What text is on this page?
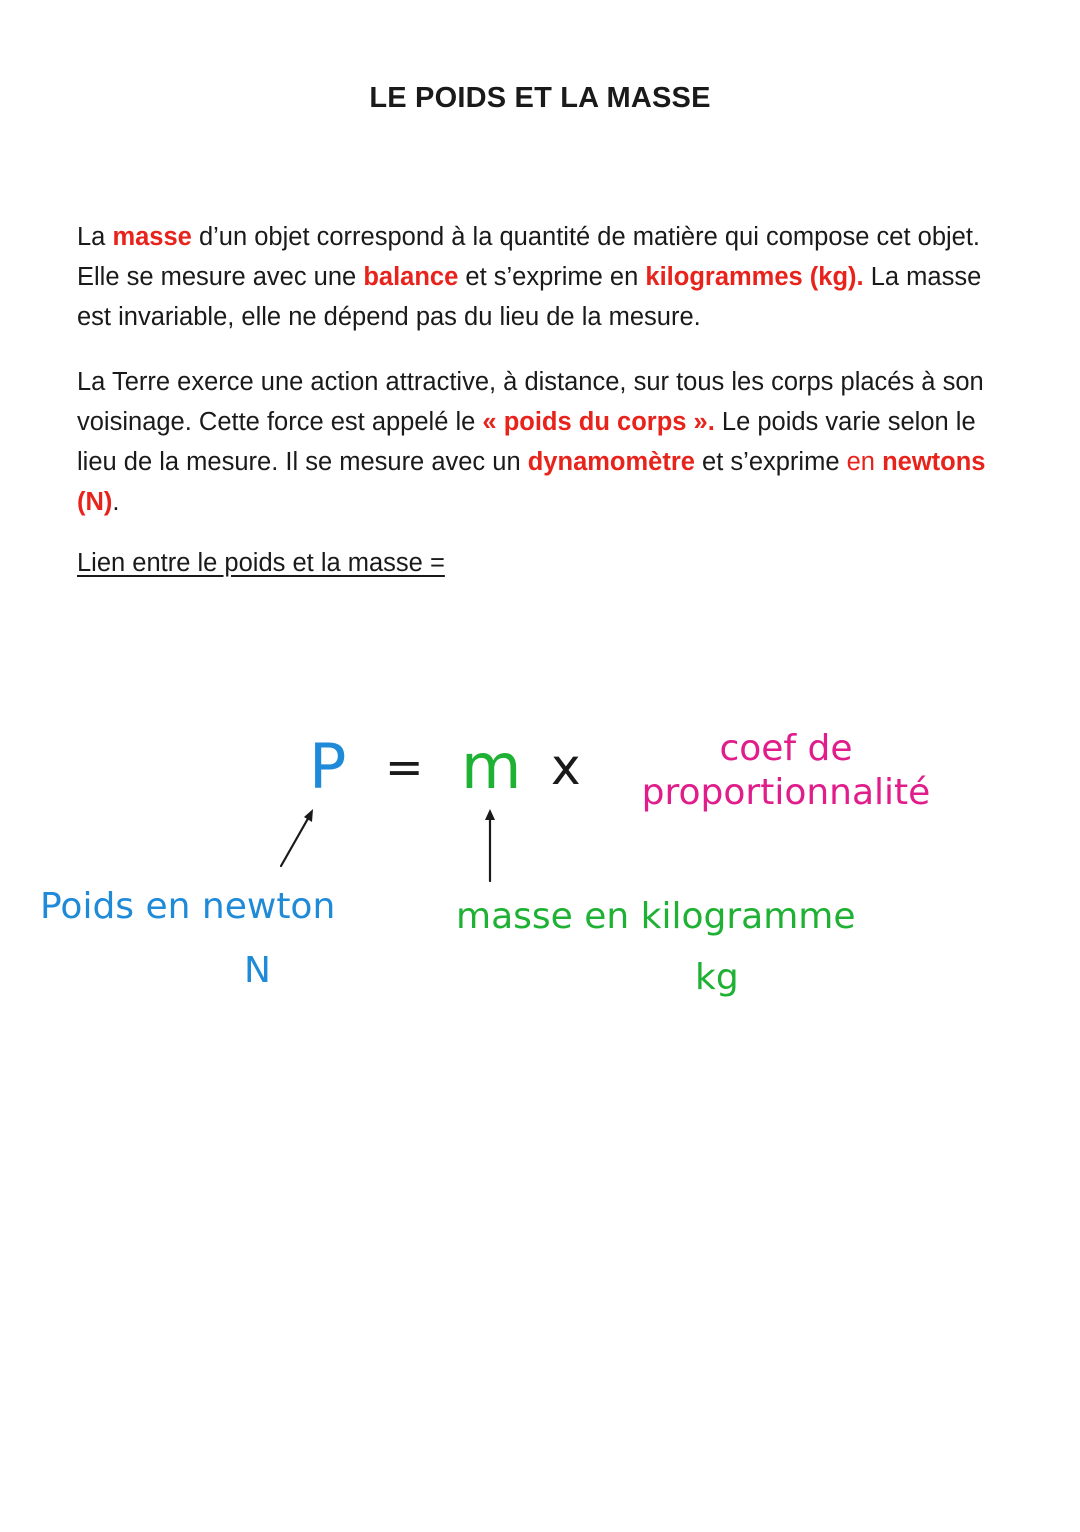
LE POIDS ET LA MASSE

La masse d’un objet correspond à la quantité de matière qui compose cet objet. Elle se mesure avec une balance et s’exprime en kilogrammes (kg). La masse est invariable, elle ne dépend pas du lieu de la mesure.

La Terre exerce une action attractive, à distance, sur tous les corps placés à son voisinage. Cette force est appelé le « poids du corps ». Le poids varie selon le lieu de la mesure. Il se mesure avec un dynamomètre et s’exprime en newtons (N).

Lien entre le poids et la masse =
P = m x	coef de
proportionnalité
Poids en newton
N
masse en kilogramme
kg
